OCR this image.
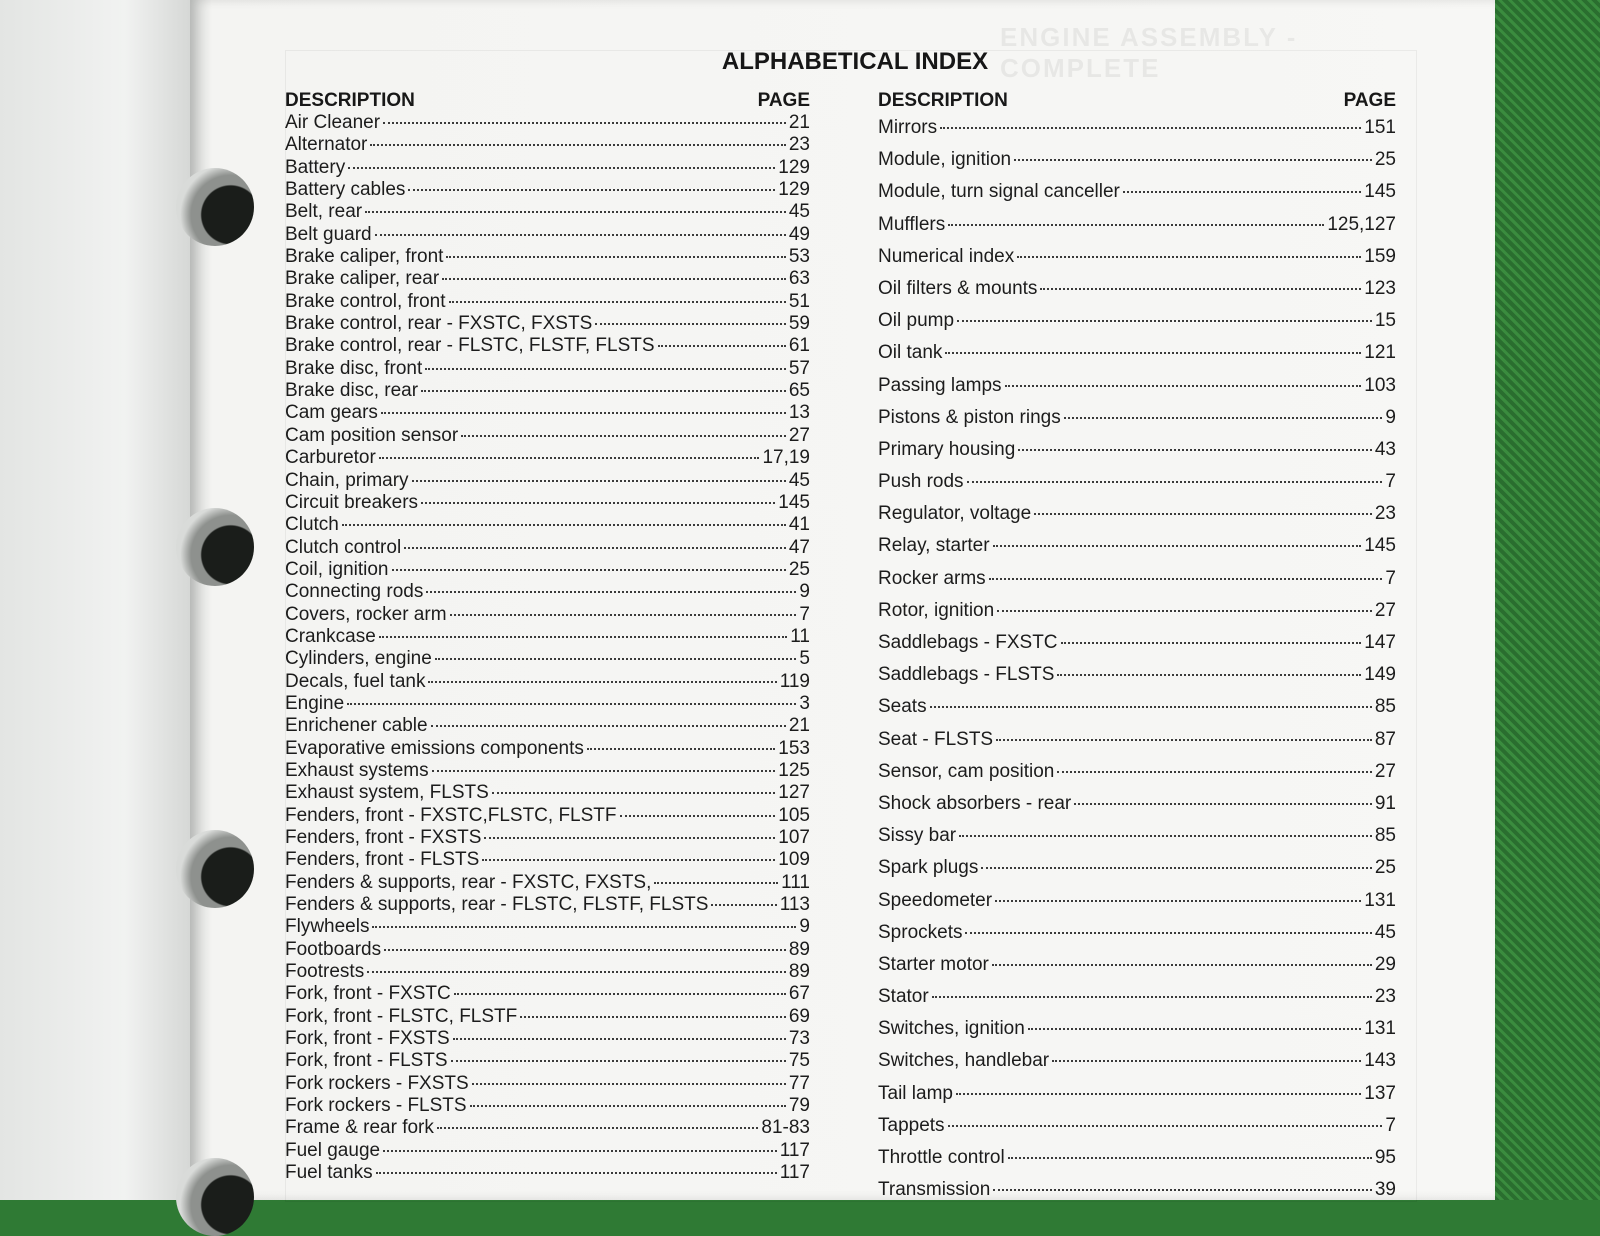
ENGINE ASSEMBLY - COMPLETE
ALPHABETICAL INDEX
DESCRIPTION	PAGE
Air Cleaner	21
Alternator	23
Battery	129
Battery cables	129
Belt, rear	45
Belt guard	49
Brake caliper, front	53
Brake caliper, rear	63
Brake control, front	51
Brake control, rear - FXSTC, FXSTS	59
Brake control, rear - FLSTC, FLSTF, FLSTS	61
Brake disc, front	57
Brake disc, rear	65
Cam gears	13
Cam position sensor	27
Carburetor	17,19
Chain, primary	45
Circuit breakers	145
Clutch	41
Clutch control	47
Coil, ignition	25
Connecting rods	9
Covers, rocker arm	7
Crankcase	11
Cylinders, engine	5
Decals, fuel tank	119
Engine	3
Enrichener cable	21
Evaporative emissions components	153
Exhaust systems	125
Exhaust system, FLSTS	127
Fenders, front - FXSTC,FLSTC, FLSTF	105
Fenders, front - FXSTS	107
Fenders, front - FLSTS	109
Fenders & supports, rear - FXSTC, FXSTS,	111
Fenders & supports, rear - FLSTC, FLSTF, FLSTS	113
Flywheels	9
Footboards	89
Footrests	89
Fork, front - FXSTC	67
Fork, front - FLSTC, FLSTF	69
Fork, front - FXSTS	73
Fork, front - FLSTS	75
Fork rockers - FXSTS	77
Fork rockers - FLSTS	79
Frame & rear fork	81-83
Fuel gauge	117
Fuel tanks	117
DESCRIPTION	PAGE
Mirrors	151
Module, ignition	25
Module, turn signal canceller	145
Mufflers	125,127
Numerical index	159
Oil filters & mounts	123
Oil pump	15
Oil tank	121
Passing lamps	103
Pistons & piston rings	9
Primary housing	43
Push rods	7
Regulator, voltage	23
Relay, starter	145
Rocker arms	7
Rotor, ignition	27
Saddlebags - FXSTC	147
Saddlebags - FLSTS	149
Seats	85
Seat - FLSTS	87
Sensor, cam position	27
Shock absorbers - rear	91
Sissy bar	85
Spark plugs	25
Speedometer	131
Sprockets	45
Starter motor	29
Stator	23
Switches, ignition	131
Switches, handlebar	143
Tail lamp	137
Tappets	7
Throttle control	95
Transmission	39
